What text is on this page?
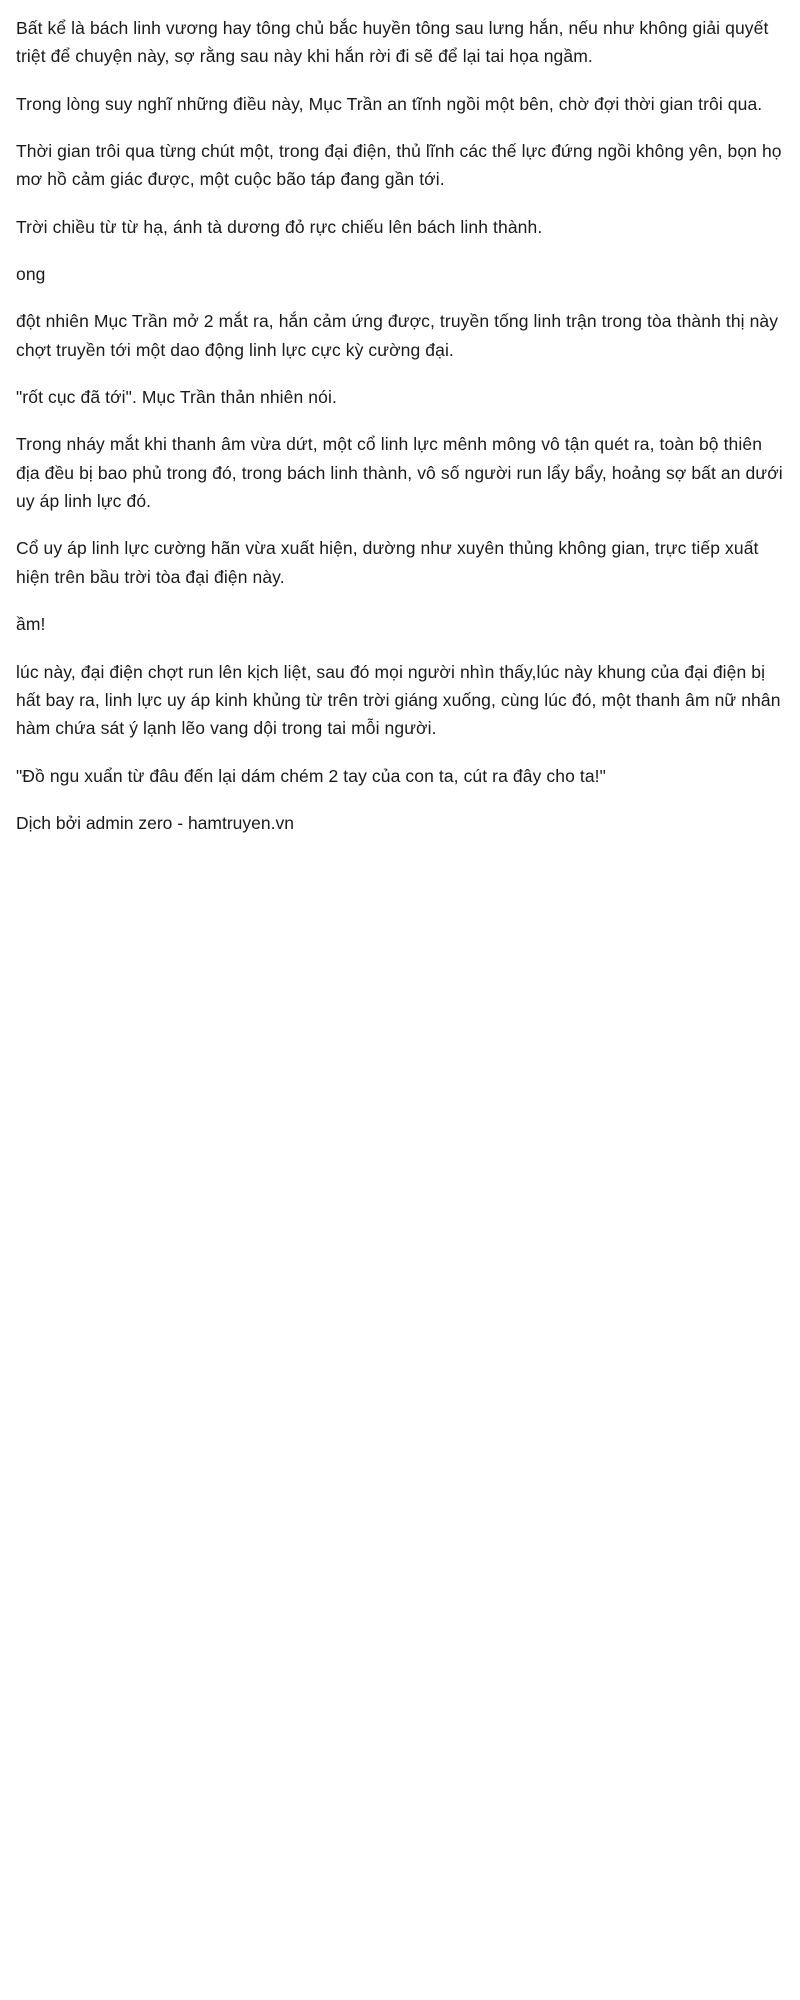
Bất kể là bách linh vương hay tông chủ bắc huyền tông sau lưng hắn, nếu như không giải quyết triệt để chuyện này, sợ rằng sau này khi hắn rời đi sẽ để lại tai họa ngầm.

Trong lòng suy nghĩ những điều này, Mục Trần an tĩnh ngồi một bên, chờ đợi thời gian trôi qua.

Thời gian trôi qua từng chút một, trong đại điện, thủ lĩnh các thế lực đứng ngồi không yên, bọn họ mơ hồ cảm giác được, một cuộc bão táp đang gần tới.

Trời chiều từ từ hạ, ánh tà dương đỏ rực chiếu lên bách linh thành.

ong

đột nhiên Mục Trần mở 2 mắt ra, hắn cảm ứng được, truyền tống linh trận trong tòa thành thị này chợt truyền tới một dao động linh lực cực kỳ cường đại.

"rốt cục đã tới". Mục Trần thản nhiên nói.

Trong nháy mắt khi thanh âm vừa dứt, một cổ linh lực mênh mông vô tận quét ra, toàn bộ thiên địa đều bị bao phủ trong đó, trong bách linh thành, vô số người run lẩy bẩy, hoảng sợ bất an dưới uy áp linh lực đó.

Cổ uy áp linh lực cường hãn vừa xuất hiện, dường như xuyên thủng không gian, trực tiếp xuất hiện trên bầu trời tòa đại điện này.

ầm!

lúc này, đại điện chợt run lên kịch liệt, sau đó mọi người nhìn thấy,lúc này khung của đại điện bị hất bay ra, linh lực uy áp kinh khủng từ trên trời giáng xuống, cùng lúc đó, một thanh âm nữ nhân hàm chứa sát ý lạnh lẽo vang dội trong tai mỗi người.

"Đồ ngu xuẩn từ đâu đến lại dám chém 2 tay của con ta, cút ra đây cho ta!"

Dịch bởi admin zero - hamtruyen.vn
